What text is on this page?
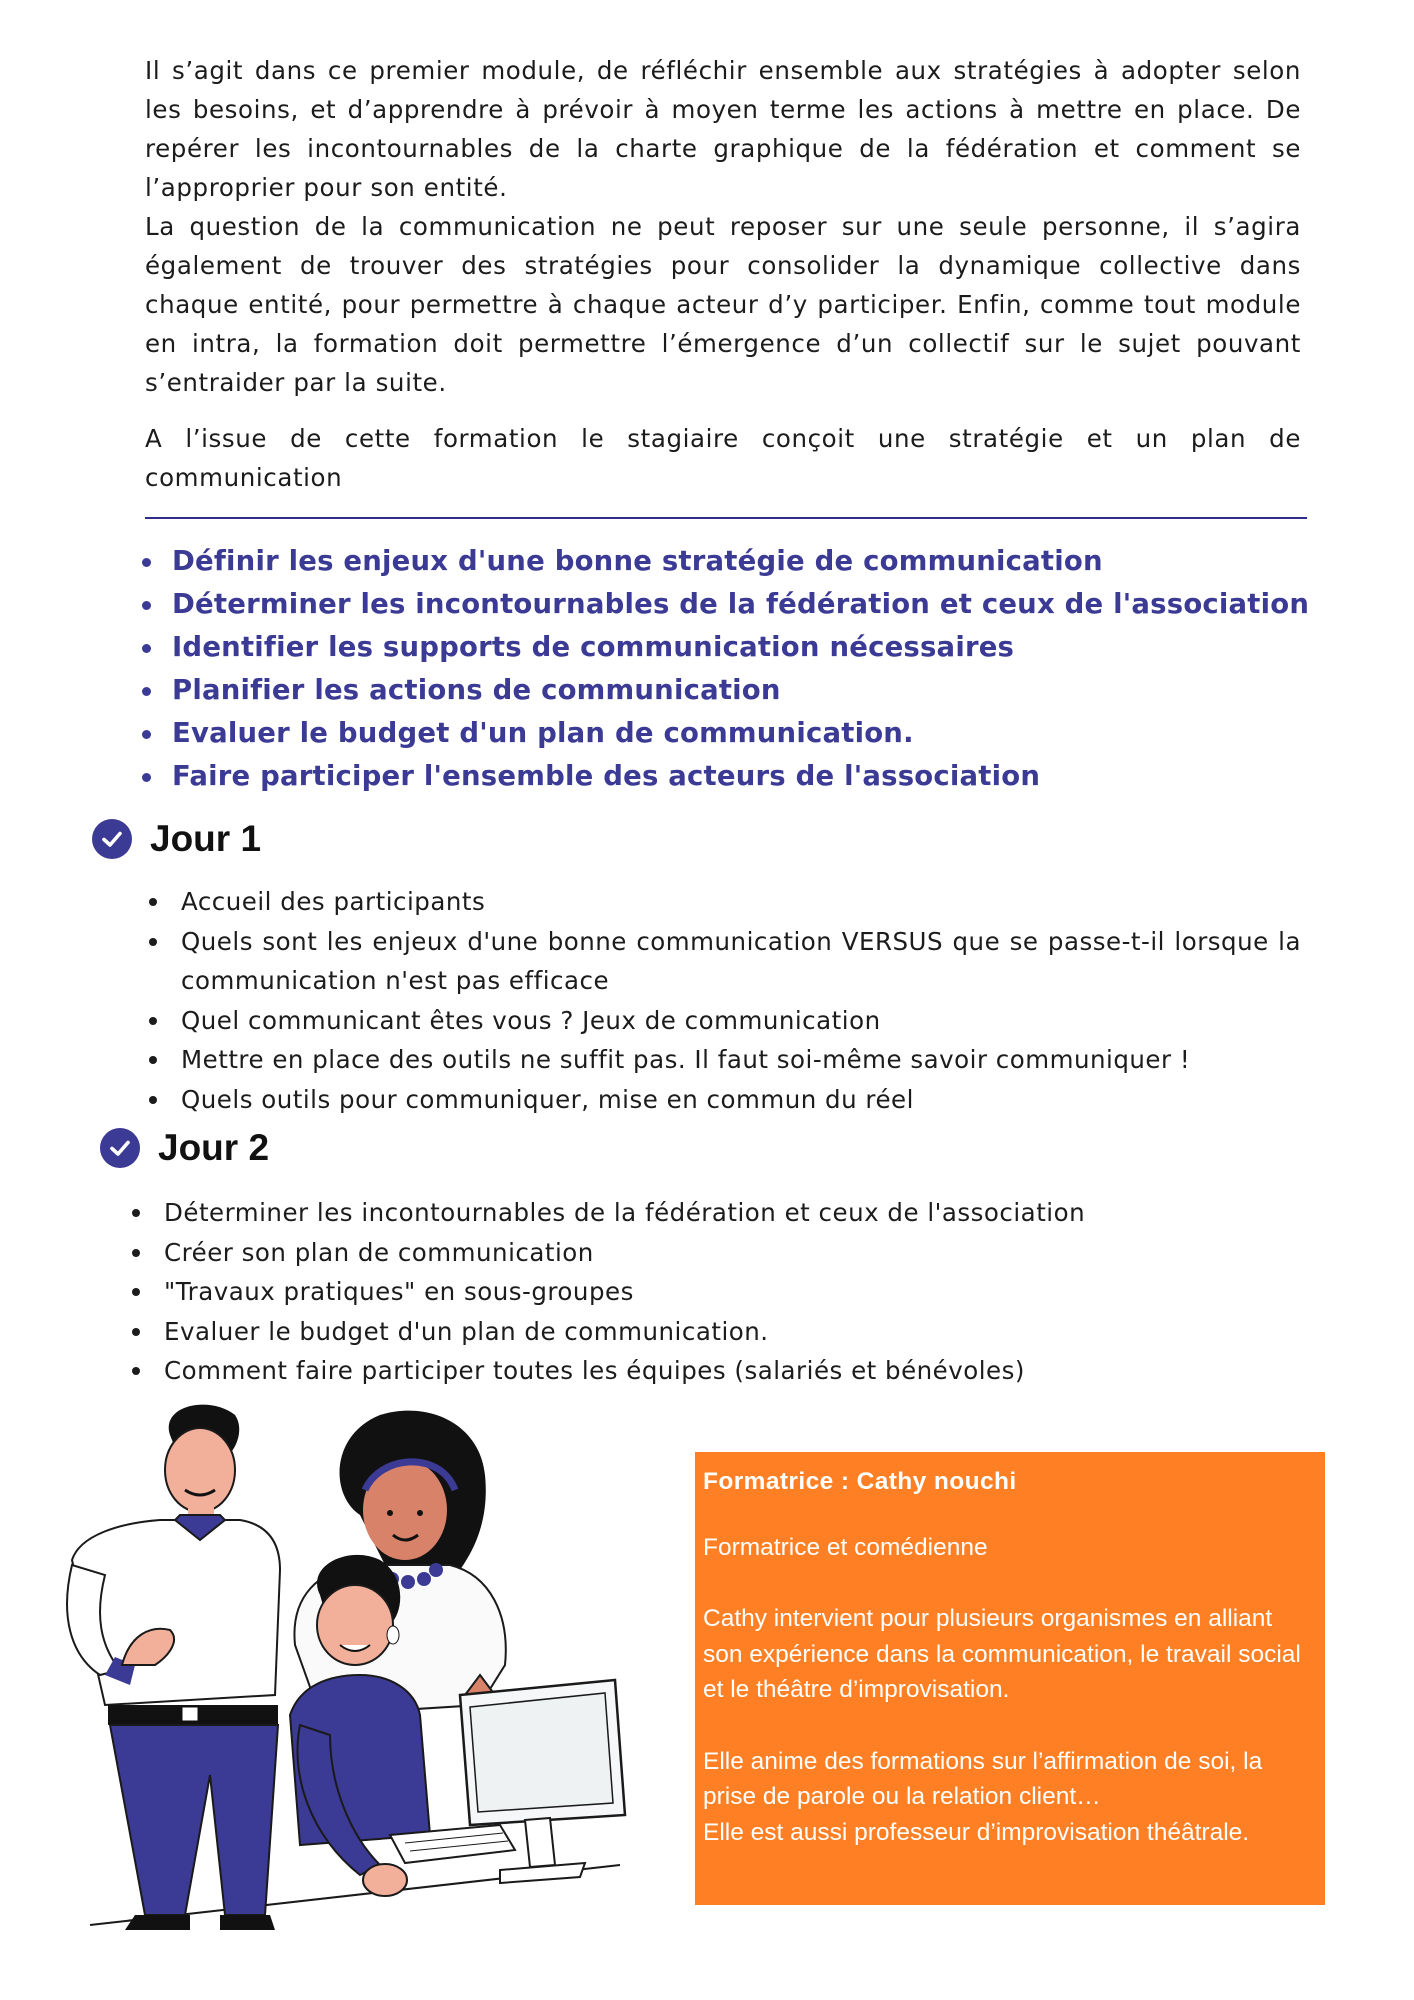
Il s’agit dans ce premier module, de réfléchir ensemble aux stratégies à adopter selon les besoins, et d’apprendre à prévoir à moyen terme les actions à mettre en place. De repérer les incontournables de la charte graphique de la fédération et comment se l’approprier pour son entité.

La question de la communication ne peut reposer sur une seule personne, il s’agira également de trouver des stratégies pour consolider la dynamique collective dans chaque entité, pour permettre à chaque acteur d’y participer. Enfin, comme tout module en intra, la formation doit permettre l’émergence d’un collectif sur le sujet pouvant s’entraider par la suite.

A l’issue de cette formation le stagiaire conçoit une stratégie et un plan de communication

Définir les enjeux d'une bonne stratégie de communication
Déterminer les incontournables de la fédération et ceux de l'association
Identifier les supports de communication nécessaires
Planifier les actions de communication
Evaluer le budget d'un plan de communication.
Faire participer l'ensemble des acteurs de l'association
Jour 1
Accueil des participants
Quels sont les enjeux d'une bonne communication VERSUS que se passe-t-il lorsque la communication n'est pas efficace
Quel communicant êtes vous ? Jeux de communication
Mettre en place des outils ne suffit pas. Il faut soi-même savoir communiquer !
Quels outils pour communiquer, mise en commun du réel
Jour 2
Déterminer les incontournables de la fédération et ceux de l'association
Créer son plan de communication
"Travaux pratiques" en sous-groupes
Evaluer le budget d'un plan de communication.
Comment faire participer toutes les équipes (salariés et bénévoles)

Formatrice : Cathy nouchi

Formatrice et comédienne

Cathy intervient pour plusieurs organismes en alliant son expérience dans la communication, le travail social et le théâtre d’improvisation.

Elle anime des formations sur l’affirmation de soi, la prise de parole ou la relation client…

Elle est aussi professeur d’improvisation théâtrale.
